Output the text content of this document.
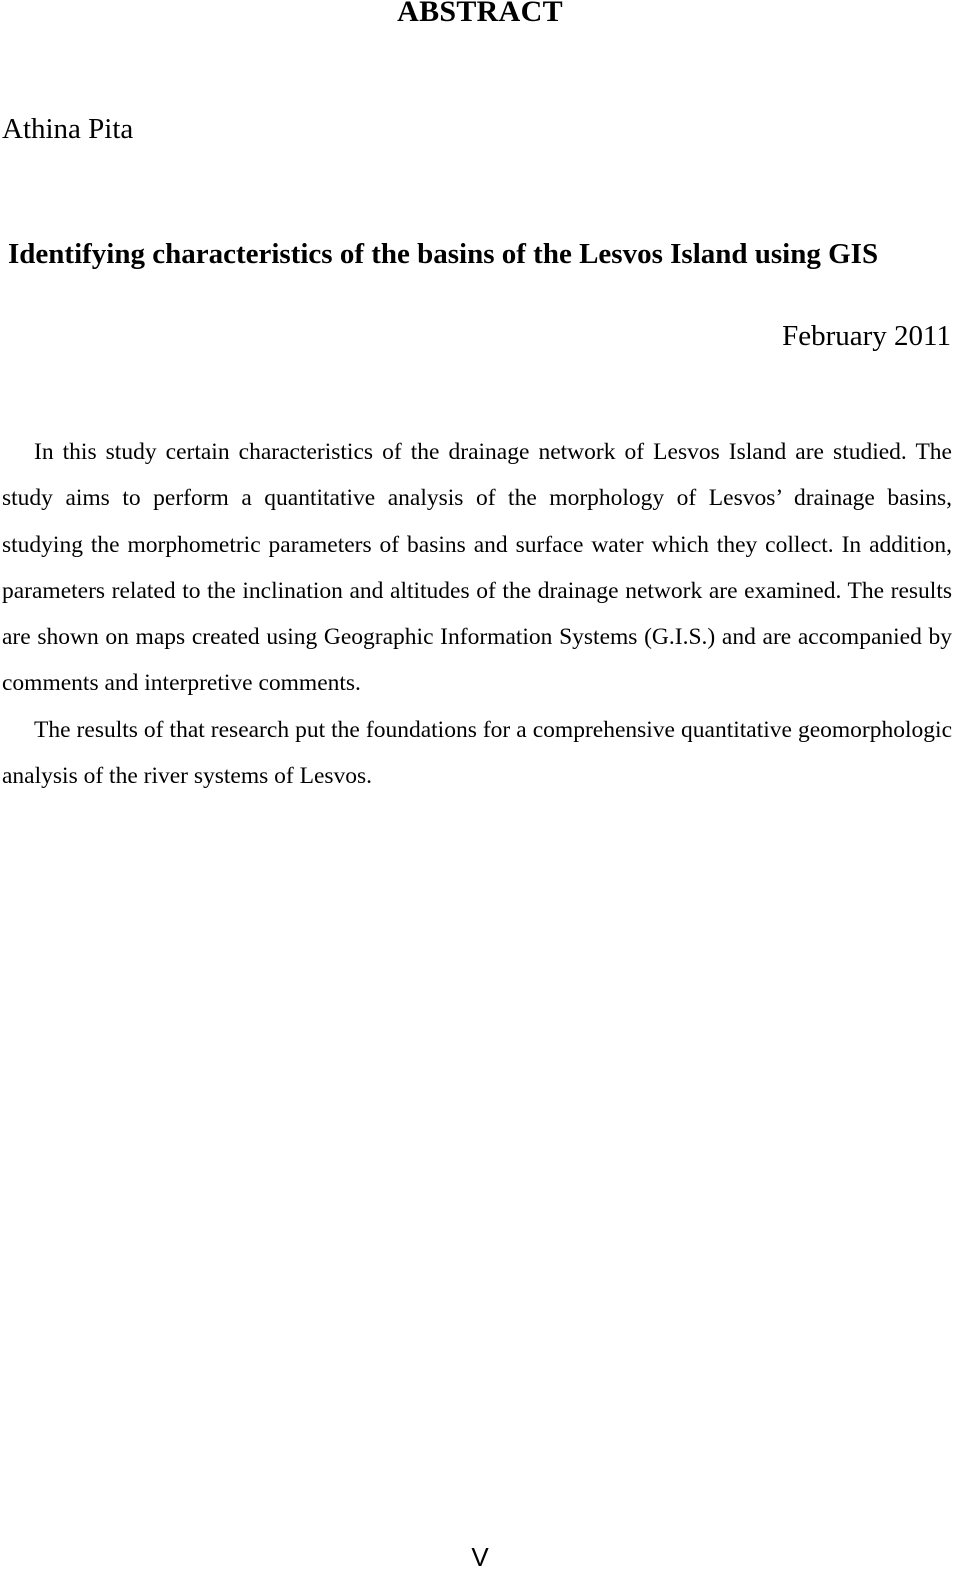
ABSTRACT
Athina Pita
Identifying characteristics of the basins of the Lesvos Island using GIS
February 2011

In this study certain characteristics of the drainage network of Lesvos Island are studied. The study aims to perform a quantitative analysis of the morphology of Lesvos’ drainage basins, studying the morphometric parameters of basins and surface water which they collect. In addition, parameters related to the inclination and altitudes of the drainage network are examined. The results are shown on maps created using Geographic Information Systems (G.I.S.) and are accompanied by comments and interpretive comments.

The results of that research put the foundations for a comprehensive quantitative geomorphologic analysis of the river systems of Lesvos.

V
